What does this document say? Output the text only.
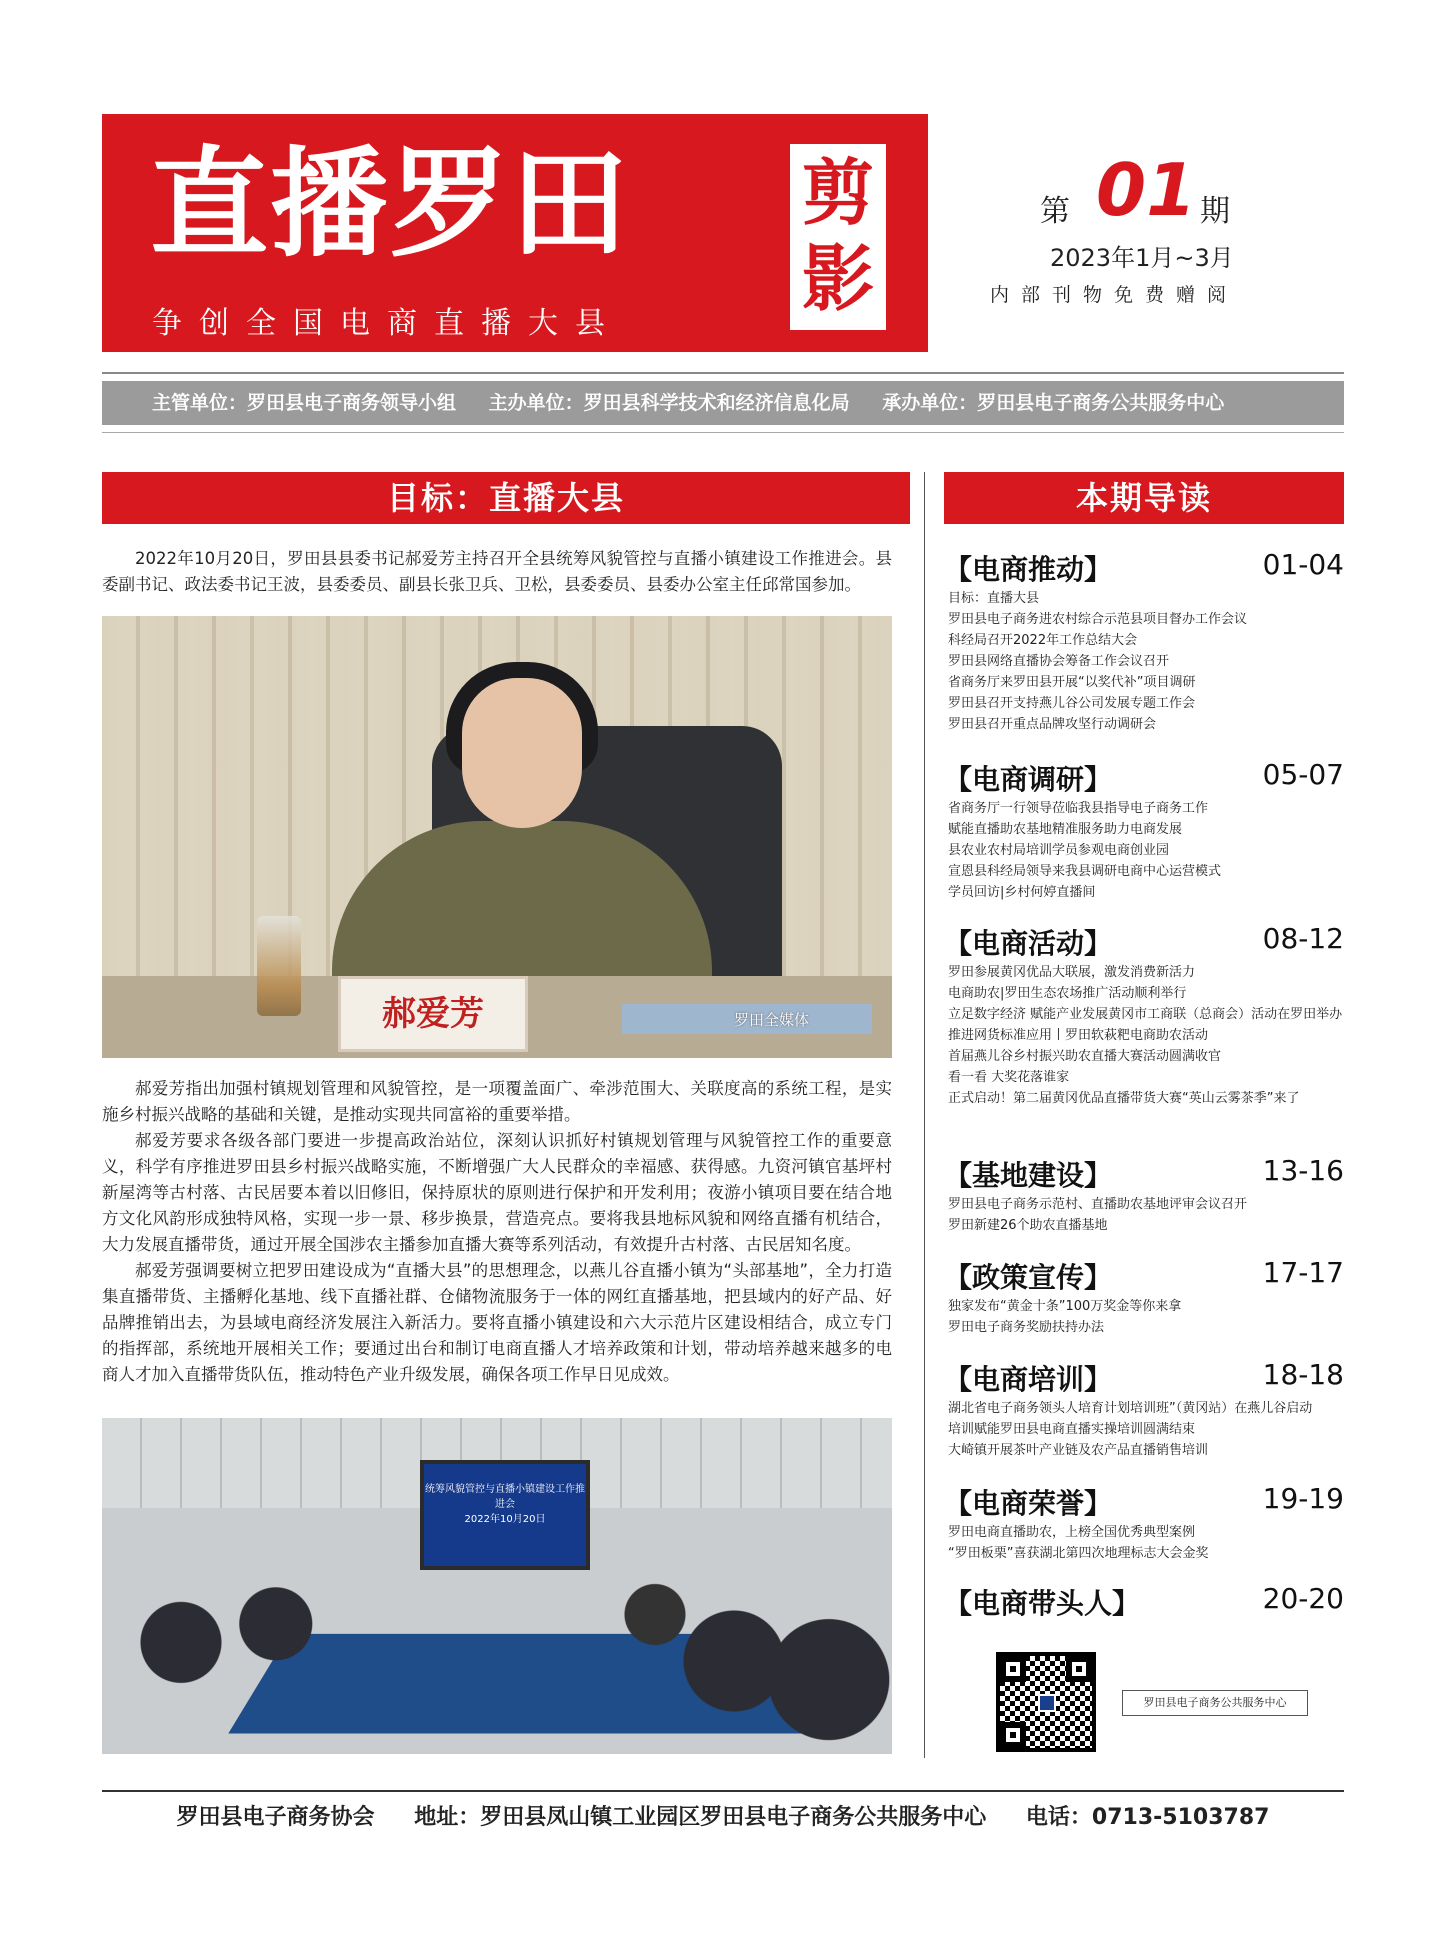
直播罗田
争创全国电商直播大县
剪
影
第 01 期
2023年1月~3月
内部刊物免费赠阅
主管单位：罗田县电子商务领导小组 主办单位：罗田县科学技术和经济信息化局 承办单位：罗田县电子商务公共服务中心
目标：直播大县
2022年10月20日，罗田县县委书记郝爱芳主持召开全县统筹风貌管控与直播小镇建设工作推进会。县委副书记、政法委书记王波，县委委员、副县长张卫兵、卫松，县委委员、县委办公室主任邱常国参加。
郝爱芳	罗田全媒体

郝爱芳指出加强村镇规划管理和风貌管控，是一项覆盖面广、牵涉范围大、关联度高的系统工程，是实施乡村振兴战略的基础和关键，是推动实现共同富裕的重要举措。

郝爱芳要求各级各部门要进一步提高政治站位，深刻认识抓好村镇规划管理与风貌管控工作的重要意义，科学有序推进罗田县乡村振兴战略实施，不断增强广大人民群众的幸福感、获得感。九资河镇官基坪村新屋湾等古村落、古民居要本着以旧修旧，保持原状的原则进行保护和开发利用；夜游小镇项目要在结合地方文化风韵形成独特风格，实现一步一景、移步换景，营造亮点。要将我县地标风貌和网络直播有机结合，大力发展直播带货，通过开展全国涉农主播参加直播大赛等系列活动，有效提升古村落、古民居知名度。

郝爱芳强调要树立把罗田建设成为“直播大县”的思想理念，以燕儿谷直播小镇为“头部基地”，全力打造集直播带货、主播孵化基地、线下直播社群、仓储物流服务于一体的网红直播基地，把县域内的好产品、好品牌推销出去，为县域电商经济发展注入新活力。要将直播小镇建设和六大示范片区建设相结合，成立专门的指挥部，系统地开展相关工作；要通过出台和制订电商直播人才培养政策和计划，带动培养越来越多的电商人才加入直播带货队伍，推动特色产业升级发展，确保各项工作早日见成效。

统筹风貌管控与直播小镇建设工作推进会
2022年10月20日
本期导读
【电商推动】	01-04
目标：直播大县
罗田县电子商务进农村综合示范县项目督办工作会议
科经局召开2022年工作总结大会
罗田县网络直播协会筹备工作会议召开
省商务厅来罗田县开展“以奖代补”项目调研
罗田县召开支持燕儿谷公司发展专题工作会
罗田县召开重点品牌攻坚行动调研会
【电商调研】	05-07
省商务厅一行领导莅临我县指导电子商务工作
赋能直播助农基地精准服务助力电商发展
县农业农村局培训学员参观电商创业园
宣恩县科经局领导来我县调研电商中心运营模式
学员回访|乡村何婷直播间
【电商活动】	08-12
罗田参展黄冈优品大联展，激发消费新活力
电商助农|罗田生态农场推广活动顺利举行
立足数字经济 赋能产业发展黄冈市工商联（总商会）活动在罗田举办
推进网货标准应用丨罗田软萩粑电商助农活动
首届燕儿谷乡村振兴助农直播大赛活动圆满收官
看一看 大奖花落谁家
正式启动！第二届黄冈优品直播带货大赛“英山云雾茶季”来了
【基地建设】	13-16
罗田县电子商务示范村、直播助农基地评审会议召开
罗田新建26个助农直播基地
【政策宣传】	17-17
独家发布“黄金十条”100万奖金等你来拿
罗田电子商务奖励扶持办法
【电商培训】	18-18
湖北省电子商务领头人培育计划培训班”（黄冈站）在燕儿谷启动
培训赋能罗田县电商直播实操培训圆满结束
大崎镇开展茶叶产业链及农产品直播销售培训
【电商荣誉】	19-19
罗田电商直播助农，上榜全国优秀典型案例
“罗田板栗”喜获湖北第四次地理标志大会金奖
【电商带头人】	20-20
罗田县电子商务公共服务中心
罗田县电子商务协会 地址：罗田县凤山镇工业园区罗田县电子商务公共服务中心 电话：0713-5103787
